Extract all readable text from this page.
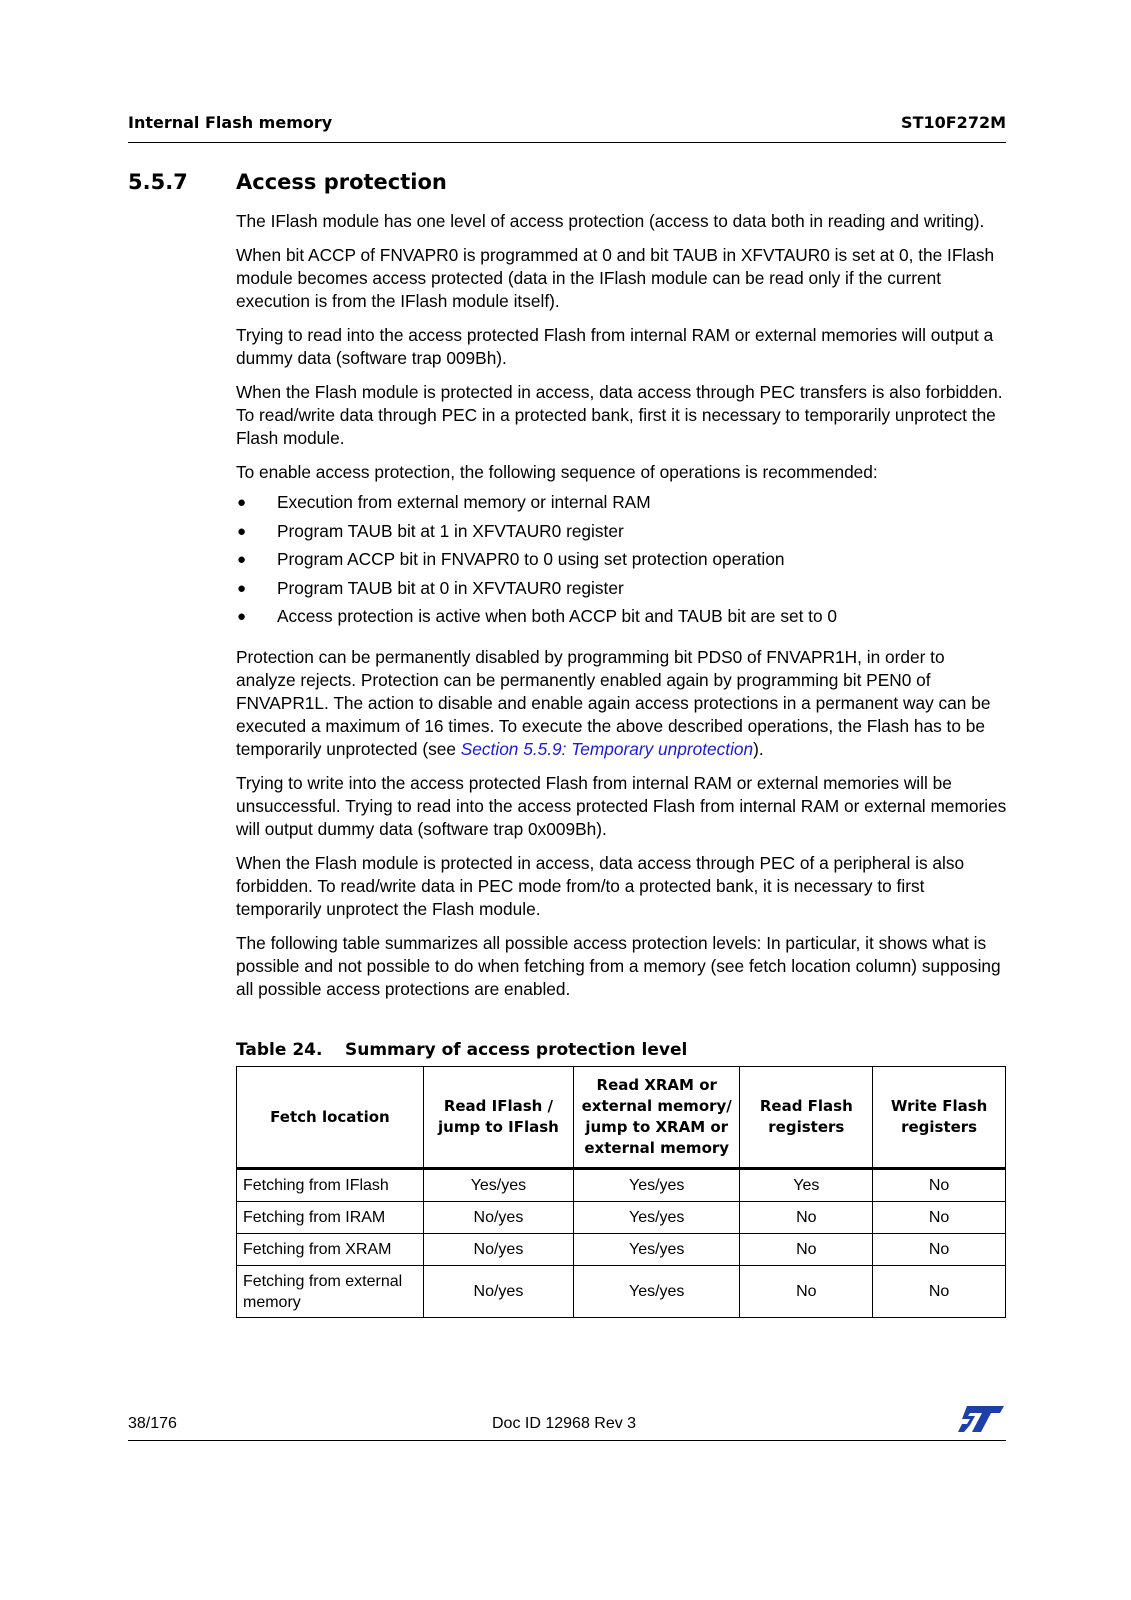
Internal Flash memory	ST10F272M
5.5.7 Access protection

The IFlash module has one level of access protection (access to data both in reading and writing).

When bit ACCP of FNVAPR0 is programmed at 0 and bit TAUB in XFVTAUR0 is set at 0, the IFlash module becomes access protected (data in the IFlash module can be read only if the current execution is from the IFlash module itself).

Trying to read into the access protected Flash from internal RAM or external memories will output a dummy data (software trap 009Bh).

When the Flash module is protected in access, data access through PEC transfers is also forbidden. To read/write data through PEC in a protected bank, first it is necessary to temporarily unprotect the Flash module.

To enable access protection, the following sequence of operations is recommended:

● Execution from external memory or internal RAM
● Program TAUB bit at 1 in XFVTAUR0 register
● Program ACCP bit in FNVAPR0 to 0 using set protection operation
● Program TAUB bit at 0 in XFVTAUR0 register
● Access protection is active when both ACCP bit and TAUB bit are set to 0

Protection can be permanently disabled by programming bit PDS0 of FNVAPR1H, in order to analyze rejects. Protection can be permanently enabled again by programming bit PEN0 of FNVAPR1L. The action to disable and enable again access protections in a permanent way can be executed a maximum of 16 times. To execute the above described operations, the Flash has to be temporarily unprotected (see Section 5.5.9: Temporary unprotection).

Trying to write into the access protected Flash from internal RAM or external memories will be unsuccessful. Trying to read into the access protected Flash from internal RAM or external memories will output dummy data (software trap 0x009Bh).

When the Flash module is protected in access, data access through PEC of a peripheral is also forbidden. To read/write data in PEC mode from/to a protected bank, it is necessary to first temporarily unprotect the Flash module.

The following table summarizes all possible access protection levels: In particular, it shows what is possible and not possible to do when fetching from a memory (see fetch location column) supposing all possible access protections are enabled.

Table 24. Summary of access protection level
Fetch location	Read IFlash / jump to IFlash	Read XRAM or external memory/ jump to XRAM or external memory	Read Flash registers	Write Flash registers
Fetching from IFlash	Yes/yes	Yes/yes	Yes	No
Fetching from IRAM	No/yes	Yes/yes	No	No
Fetching from XRAM	No/yes	Yes/yes	No	No
Fetching from external memory	No/yes	Yes/yes	No	No
38/176	Doc ID 12968 Rev 3
